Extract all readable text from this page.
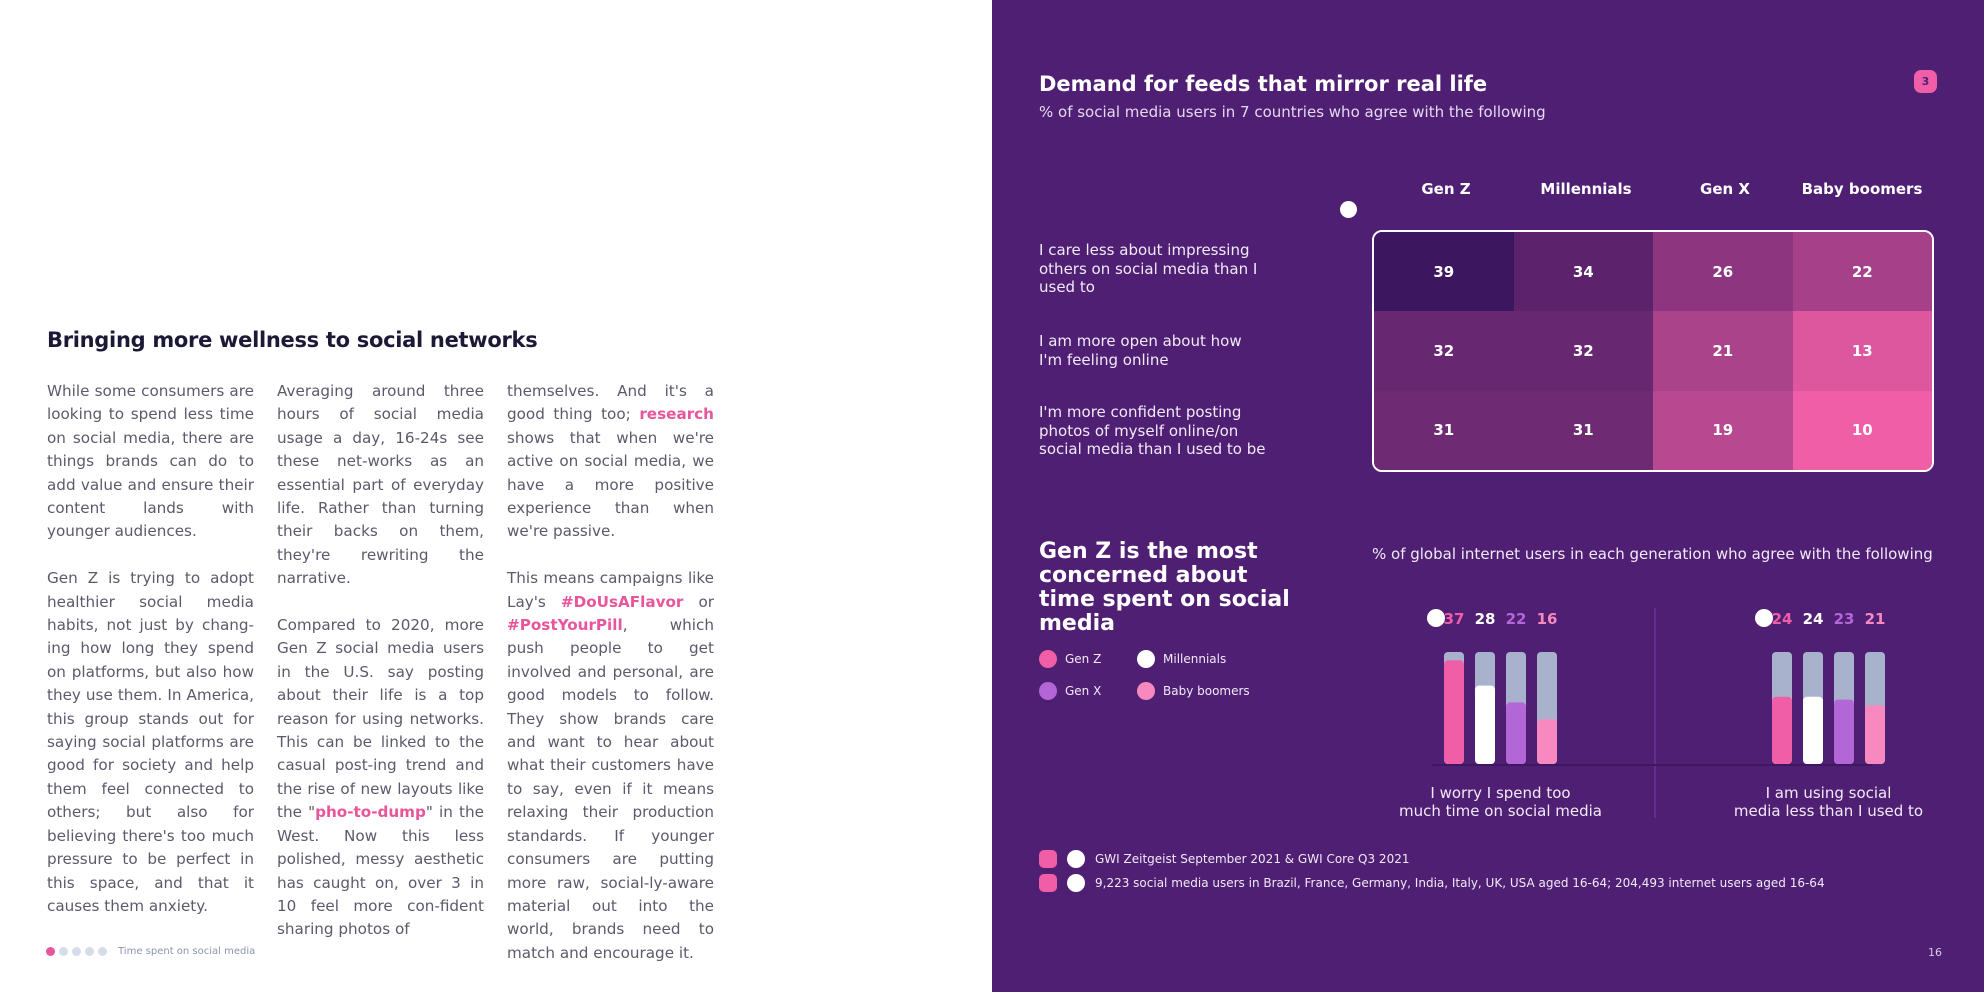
Bringing more wellness to social networks

While some consumers are looking to spend less time on social media, there are things brands can do to add value and ensure their content lands with younger audiences.

Gen Z is trying to adopt healthier social media habits, not just by chang-ing how long they spend on platforms, but also how they use them. In America, this group stands out for saying social platforms are good for society and help them feel connected to others; but also for believing there's too much pressure to be perfect in this space, and that it causes them anxiety.

Averaging around three hours of social media usage a day, 16-24s see these net-works as an essential part of everyday life. Rather than turning their backs on them, they're rewriting the narrative.

Compared to 2020, more Gen Z social media users in the U.S. say posting about their life is a top reason for using networks. This can be linked to the casual post-ing trend and the rise of new layouts like the "pho-to-dump" in the West. Now this less polished, messy aesthetic has caught on, over 3 in 10 feel more con-fident sharing photos of

themselves. And it's a good thing too; research shows that when we're active on social media, we have a more positive experience than when we're passive.

This means campaigns like Lay's #DoUsAFlavor or #PostYourPill, which push people to get involved and personal, are good models to follow. They show brands care and want to hear about what their customers have to say, even if it means relaxing their production standards. If younger consumers are putting more raw, social-ly-aware material out into the world, brands need to match and encourage it.

Time spent on social media
Demand for feeds that mirror real life
% of social media users in 7 countries who agree with the following
3
Gen Z	Millennials	Gen X	Baby boomers
I care less about impressing others on social media than I used to
I am more open about how I'm feeling online
I'm more confident posting photos of myself online/on social media than I used to be
39	34	26	22
32	32	21	13
31	31	19	10
Gen Z is the most concerned about time spent on social media
Gen Z	Millennials
Gen X	Baby boomers
% of global internet users in each generation who agree with the following
37 28 22 16
I worry I spend too
much time on social media
24 24 23 21
I am using social
media less than I used to
GWI Zeitgeist September 2021 & GWI Core Q3 2021
9,223 social media users in Brazil, France, Germany, India, Italy, UK, USA aged 16-64; 204,493 internet users aged 16-64
16
